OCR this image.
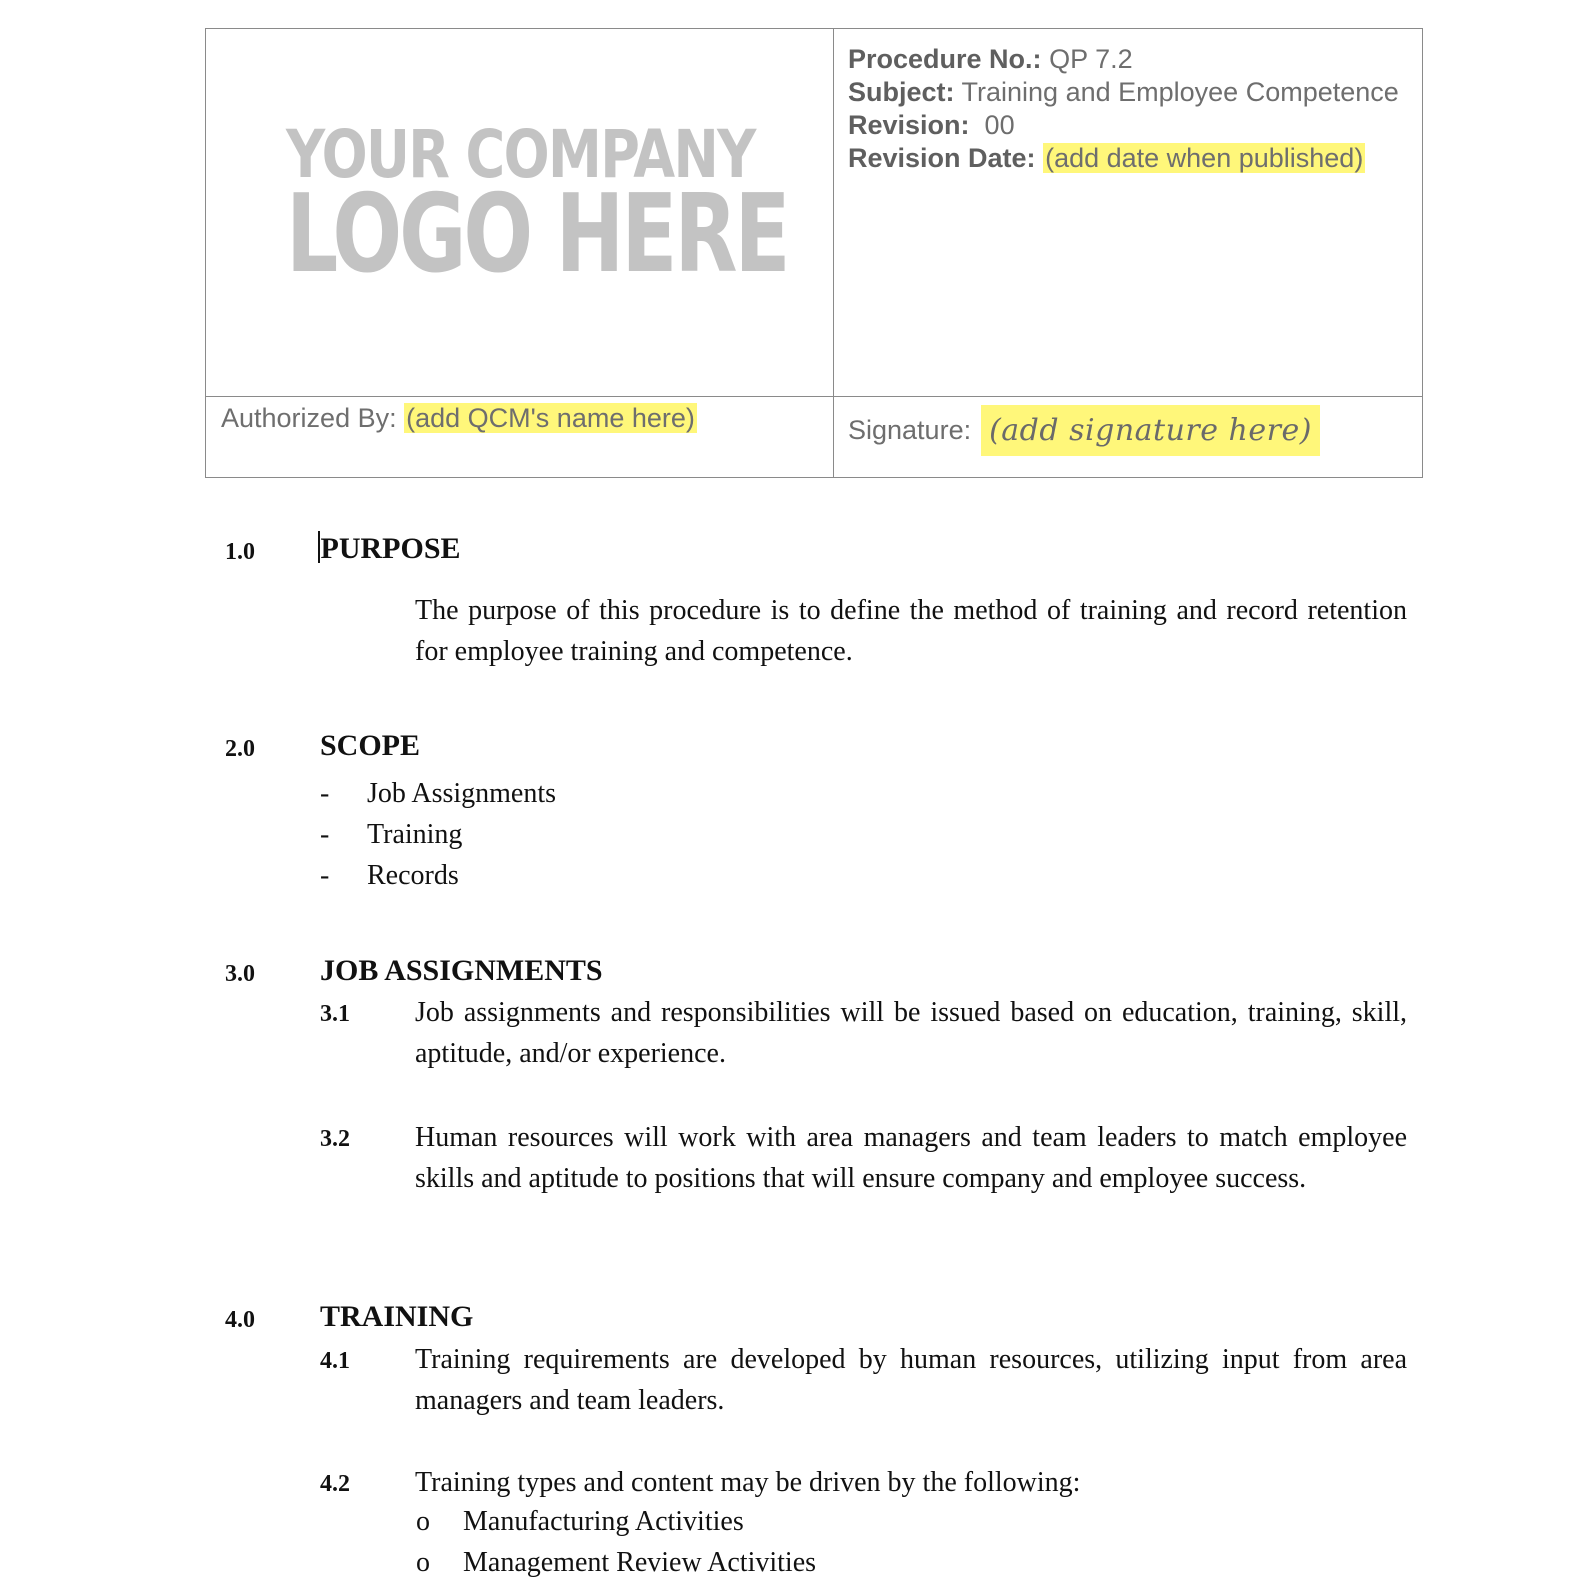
YOUR COMPANY
LOGO HERE
Procedure No.: QP 7.2
Subject: Training and Employee Competence
Revision: 00
Revision Date: (add date when published)
Authorized By: (add QCM's name here)	Signature: (add signature here)
1.0 PURPOSE
The purpose of this procedure is to define the method of training and record retention for employee training and competence.
2.0 SCOPE
- Job Assignments
- Training
- Records
3.0 JOB ASSIGNMENTS
3.1 Job assignments and responsibilities will be issued based on education, training, skill, aptitude, and/or experience.
3.2 Human resources will work with area managers and team leaders to match employee skills and aptitude to positions that will ensure company and employee success.
4.0 TRAINING
4.1 Training requirements are developed by human resources, utilizing input from area managers and team leaders.
4.2 Training types and content may be driven by the following:
o Manufacturing Activities
o Management Review Activities
